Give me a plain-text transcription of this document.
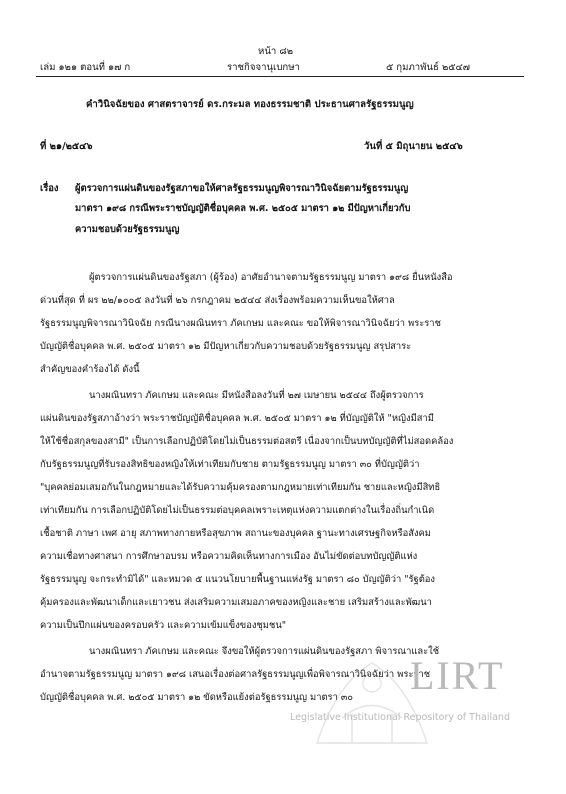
หน้า ๘๒
เล่ม ๑๒๑ ตอนที่ ๑๗ ก	ราชกิจจานุเบกษา	๕ กุมภาพันธ์ ๒๕๔๗
คำวินิจฉัยของ ศาสตราจารย์ ดร.กระมล ทองธรรมชาติ ประธานศาลรัฐธรรมนูญ
ที่ ๒๑/๒๕๔๖	วันที่ ๕ มิถุนายน ๒๕๔๖
เรื่อง ผู้ตรวจการแผ่นดินของรัฐสภาขอให้ศาลรัฐธรรมนูญพิจารณาวินิจฉัยตามรัฐธรรมนูญ
มาตรา ๑๙๘ กรณีพระราชบัญญัติชื่อบุคคล พ.ศ. ๒๕๐๕ มาตรา ๑๒ มีปัญหาเกี่ยวกับ
ความชอบด้วยรัฐธรรมนูญ
ผู้ตรวจการแผ่นดินของรัฐสภา (ผู้ร้อง) อาศัยอำนาจตามรัฐธรรมนูญ มาตรา ๑๙๘ ยื่นหนังสือ
ด่วนที่สุด ที่ ผร ๒๒/๑๐๐๕ ลงวันที่ ๒๖ กรกฎาคม ๒๕๔๔ ส่งเรื่องพร้อมความเห็นขอให้ศาล
รัฐธรรมนูญพิจารณาวินิจฉัย กรณีนางผณินทรา ภัคเกษม และคณะ ขอให้พิจารณาวินิจฉัยว่า พระราช
บัญญัติชื่อบุคคล พ.ศ. ๒๕๐๕ มาตรา ๑๒ มีปัญหาเกี่ยวกับความชอบด้วยรัฐธรรมนูญ สรุปสาระ
สำคัญของคำร้องได้ ดังนี้
นางผณินทรา ภัคเกษม และคณะ มีหนังสือลงวันที่ ๒๗ เมษายน ๒๕๔๔ ถึงผู้ตรวจการ
แผ่นดินของรัฐสภาอ้างว่า พระราชบัญญัติชื่อบุคคล พ.ศ. ๒๕๐๕ มาตรา ๑๒ ที่บัญญัติให้ "หญิงมีสามี
ให้ใช้ชื่อสกุลของสามี" เป็นการเลือกปฏิบัติโดยไม่เป็นธรรมต่อสตรี เนื่องจากเป็นบทบัญญัติที่ไม่สอดคล้อง
กับรัฐธรรมนูญที่รับรองสิทธิของหญิงให้เท่าเทียมกับชาย ตามรัฐธรรมนูญ มาตรา ๓๐ ที่บัญญัติว่า
"บุคคลย่อมเสมอกันในกฎหมายและได้รับความคุ้มครองตามกฎหมายเท่าเทียมกัน ชายและหญิงมีสิทธิ
เท่าเทียมกัน การเลือกปฏิบัติโดยไม่เป็นธรรมต่อบุคคลเพราะเหตุแห่งความแตกต่างในเรื่องถิ่นกำเนิด
เชื้อชาติ ภาษา เพศ อายุ สภาพทางกายหรือสุขภาพ สถานะของบุคคล ฐานะทางเศรษฐกิจหรือสังคม
ความเชื่อทางศาสนา การศึกษาอบรม หรือความคิดเห็นทางการเมือง อันไม่ขัดต่อบทบัญญัติแห่ง
รัฐธรรมนูญ จะกระทำมิได้" และหมวด ๕ แนวนโยบายพื้นฐานแห่งรัฐ มาตรา ๘๐ บัญญัติว่า "รัฐต้อง
คุ้มครองและพัฒนาเด็กและเยาวชน ส่งเสริมความเสมอภาคของหญิงและชาย เสริมสร้างและพัฒนา
ความเป็นปึกแผ่นของครอบครัว และความเข้มแข็งของชุมชน"
นางผณินทรา ภัคเกษม และคณะ จึงขอให้ผู้ตรวจการแผ่นดินของรัฐสภา พิจารณาและใช้
อำนาจตามรัฐธรรมนูญ มาตรา ๑๙๘ เสนอเรื่องต่อศาลรัฐธรรมนูญเพื่อพิจารณาวินิจฉัยว่า พระราช
บัญญัติชื่อบุคคล พ.ศ. ๒๕๐๕ มาตรา ๑๒ ขัดหรือแย้งต่อรัฐธรรมนูญ มาตรา ๓๐ LIRT
Legislative Institutional Repository of Thailand
